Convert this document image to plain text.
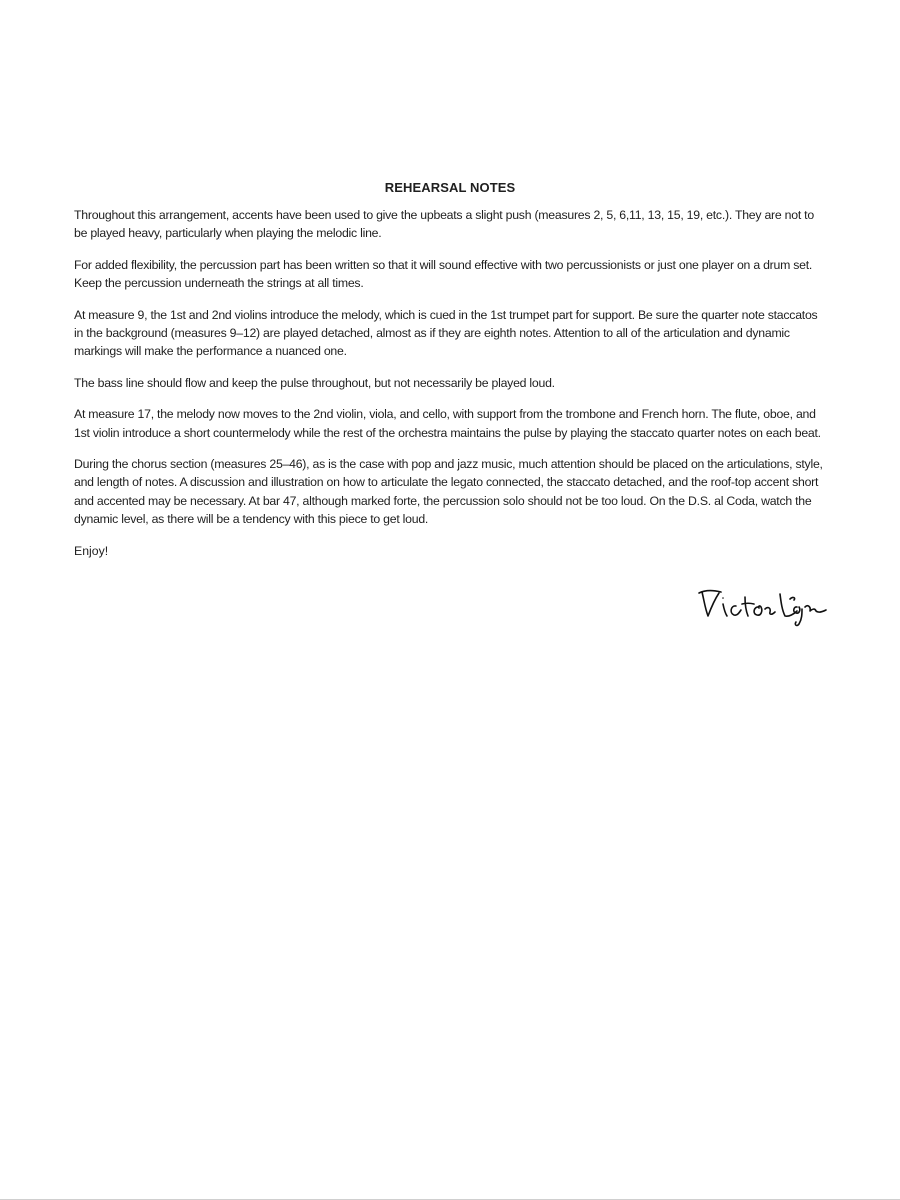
REHEARSAL NOTES

Throughout this arrangement, accents have been used to give the upbeats a slight push (measures 2, 5, 6,11, 13, 15, 19, etc.). They are not to be played heavy, particularly when playing the melodic line.

For added flexibility, the percussion part has been written so that it will sound effective with two percussionists or just one player on a drum set. Keep the percussion underneath the strings at all times.

At measure 9, the 1st and 2nd violins introduce the melody, which is cued in the 1st trumpet part for support. Be sure the quarter note staccatos in the background (measures 9–12) are played detached, almost as if they are eighth notes. Attention to all of the articulation and dynamic markings will make the performance a nuanced one.

The bass line should flow and keep the pulse throughout, but not necessarily be played loud.

At measure 17, the melody now moves to the 2nd violin, viola, and cello, with support from the trombone and French horn. The flute, oboe, and 1st violin introduce a short countermelody while the rest of the orchestra maintains the pulse by playing the staccato quarter notes on each beat.

During the chorus section (measures 25–46), as is the case with pop and jazz music, much attention should be placed on the articulations, style, and length of notes. A discussion and illustration on how to articulate the legato connected, the staccato detached, and the roof-top accent short and accented may be necessary. At bar 47, although marked forte, the percussion solo should not be too loud. On the D.S. al Coda, watch the dynamic level, as there will be a tendency with this piece to get loud.

Enjoy!
